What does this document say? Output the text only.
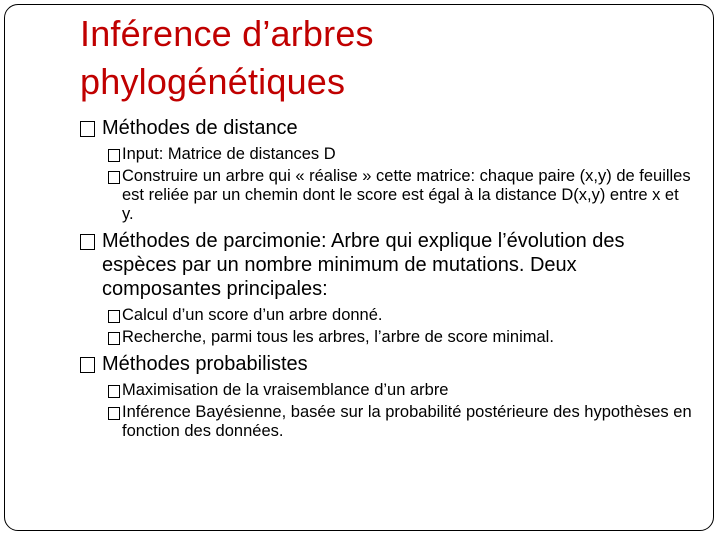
Inférence d’arbres
phylogénétiques
Méthodes de distance
Input: Matrice de distances D
Construire un arbre qui « réalise » cette matrice: chaque paire (x,y) de feuilles est reliée par un chemin dont le score est égal à la distance D(x,y) entre x et y.
Méthodes de parcimonie: Arbre qui explique l’évolution des espèces par un nombre minimum de mutations. Deux composantes principales:
Calcul d’un score d’un arbre donné.
Recherche, parmi tous les arbres, l’arbre de score minimal.
Méthodes probabilistes
Maximisation de la vraisemblance d’un arbre
Inférence Bayésienne, basée sur la probabilité postérieure des hypothèses en fonction des données.
